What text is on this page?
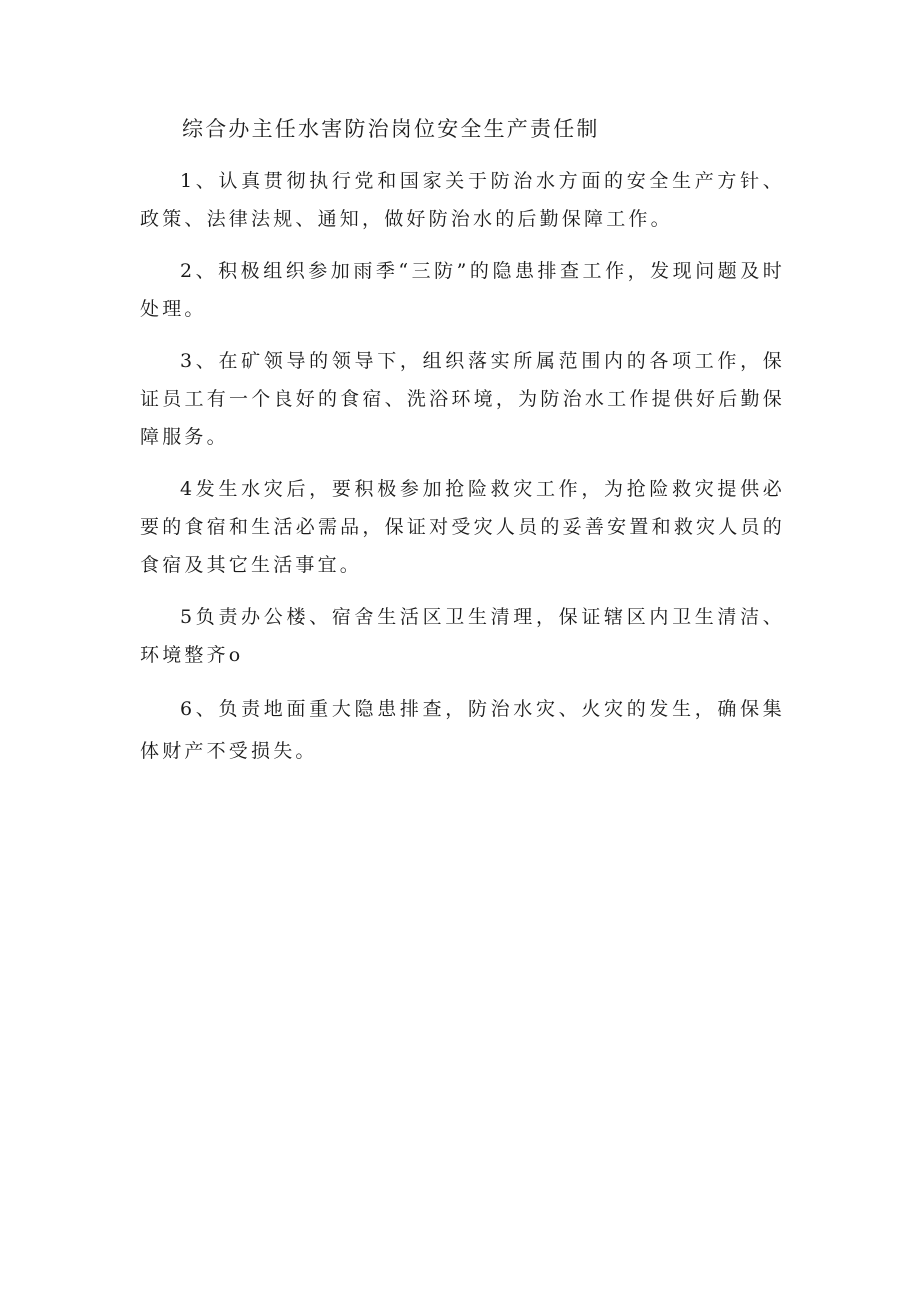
综合办主任水害防治岗位安全生产责任制

1、认真贯彻执行党和国家关于防治水方面的安全生产方针、政策、法律法规、通知，做好防治水的后勤保障工作。

2、积极组织参加雨季“三防”的隐患排查工作，发现问题及时处理。

3、在矿领导的领导下，组织落实所属范围内的各项工作，保证员工有一个良好的食宿、洗浴环境，为防治水工作提供好后勤保障服务。

4发生水灾后，要积极参加抢险救灾工作，为抢险救灾提供必要的食宿和生活必需品，保证对受灾人员的妥善安置和救灾人员的食宿及其它生活事宜。

5负责办公楼、宿舍生活区卫生清理，保证辖区内卫生清洁、环境整齐o

6、负责地面重大隐患排查，防治水灾、火灾的发生，确保集体财产不受损失。
